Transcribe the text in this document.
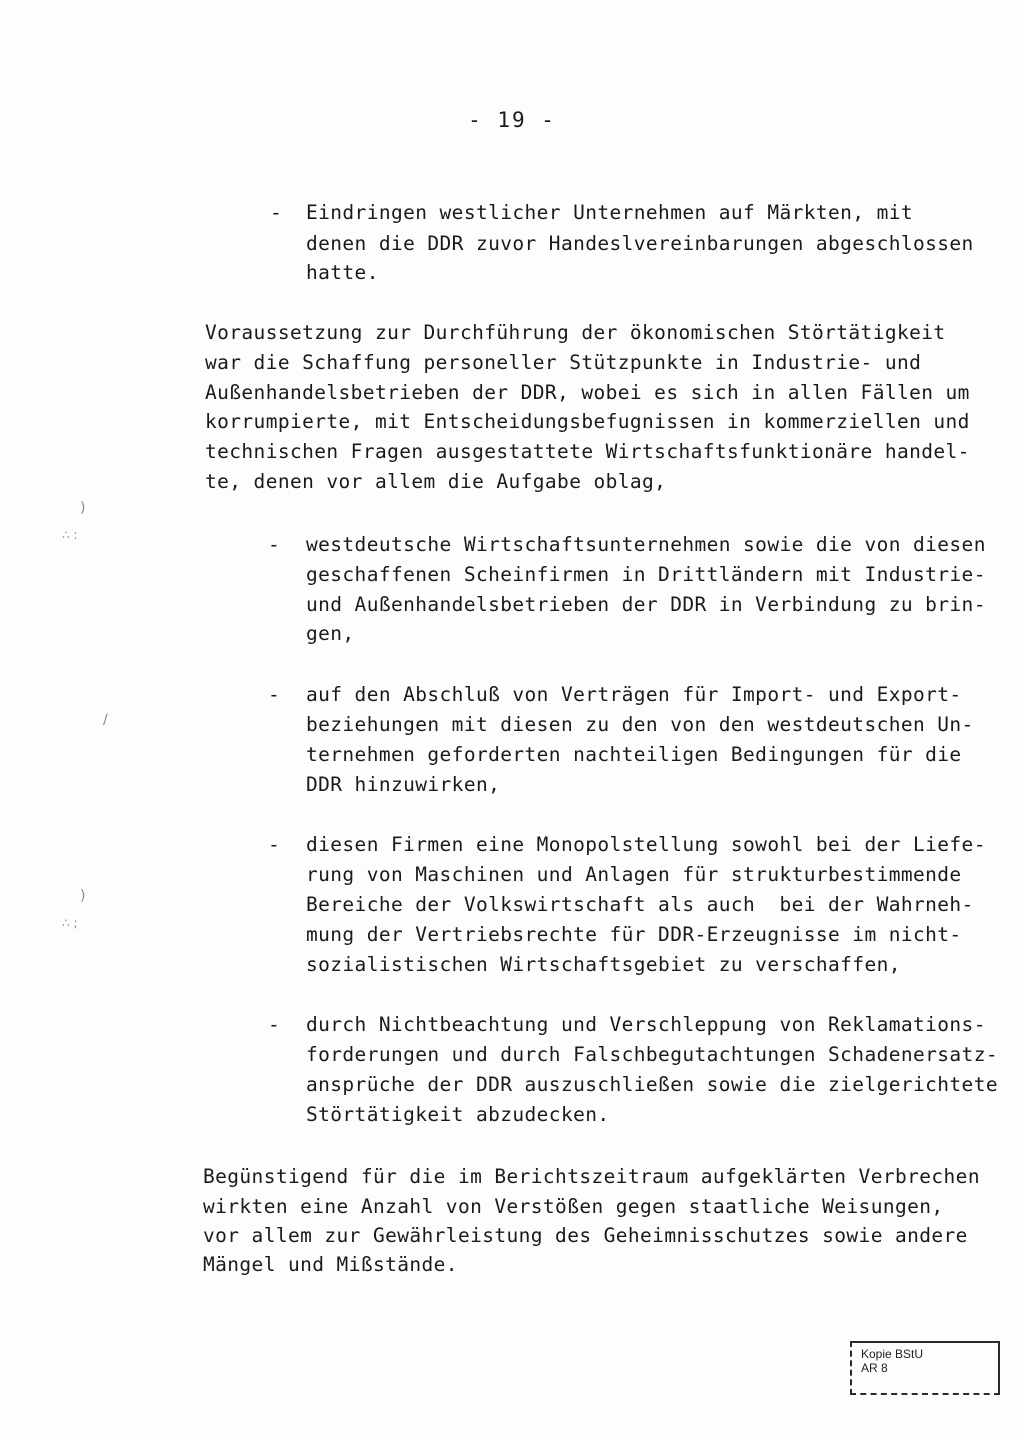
- 19 -
- Eindringen westlicher Unternehmen auf Märkten, mit
denen die DDR zuvor Handeslvereinbarungen abgeschlossen
hatte.
Voraussetzung zur Durchführung der ökonomischen Störtätigkeit
war die Schaffung personeller Stützpunkte in Industrie- und
Außenhandelsbetrieben der DDR, wobei es sich in allen Fällen um
korrumpierte, mit Entscheidungsbefugnissen in kommerziellen und
technischen Fragen ausgestattete Wirtschaftsfunktionäre handel-
te, denen vor allem die Aufgabe oblag,
- westdeutsche Wirtschaftsunternehmen sowie die von diesen
geschaffenen Scheinfirmen in Drittländern mit Industrie-
und Außenhandelsbetrieben der DDR in Verbindung zu brin-
gen,
- auf den Abschluß von Verträgen für Import- und Export-
beziehungen mit diesen zu den von den westdeutschen Un-
ternehmen geforderten nachteiligen Bedingungen für die
DDR hinzuwirken,
- diesen Firmen eine Monopolstellung sowohl bei der Liefe-
rung von Maschinen und Anlagen für strukturbestimmende
Bereiche der Volkswirtschaft als auch  bei der Wahrneh-
mung der Vertriebsrechte für DDR-Erzeugnisse im nicht-
sozialistischen Wirtschaftsgebiet zu verschaffen,
- durch Nichtbeachtung und Verschleppung von Reklamations-
forderungen und durch Falschbegutachtungen Schadenersatz-
ansprüche der DDR auszuschließen sowie die zielgerichtete
Störtätigkeit abzudecken.
Begünstigend für die im Berichtszeitraum aufgeklärten Verbrechen
wirkten eine Anzahl von Verstößen gegen staatliche Weisungen,
vor allem zur Gewährleistung des Geheimnisschutzes sowie andere
Mängel und Mißstände.
)
∴ :
/
)
∴ ;
Kopie BStU
AR 8
